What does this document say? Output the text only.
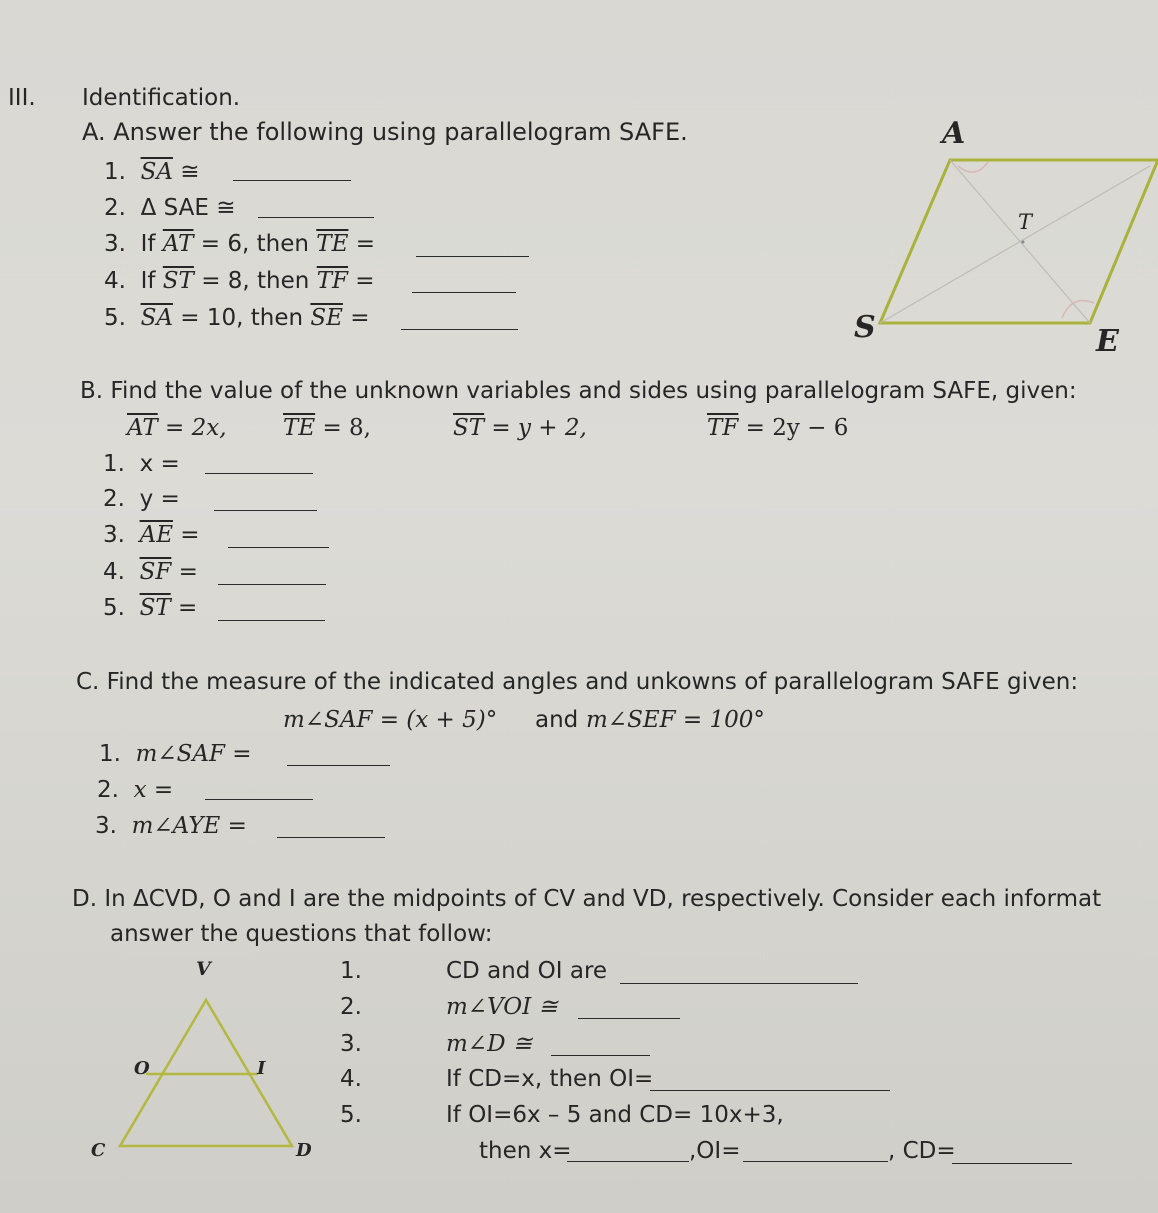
III. Identification.
A. Answer the following using parallelogram SAFE.
1. $\overline{SA}$ ≅
2. Δ SAE ≅
3. If $\overline{AT} = 6$, then $\overline{TE}$ =
4. If $\overline{ST} = 8$, then $\overline{TF}$ =
5. $\overline{SA} = 10$, then $\overline{SE}$ =
A
T
S	E
B. Find the value of the unknown variables and sides using parallelogram SAFE, given:
$\overline{AT} = 2x$, $\overline{TE} = 8$,	$\overline{ST} = y + 2$,	$\overline{TF} = 2y - 6$
1. x =
2. y =
3. $\overline{AE}$ =
4. $\overline{SF}$ =
5. $\overline{ST}$ =
C. Find the measure of the indicated angles and unkowns of parallelogram SAFE given:
m∠SAF = (x + 5)° and m∠SEF = 100°
1. m∠SAF =
2. x =
3. m∠AYE =
D. In ΔCVD, O and I are the midpoints of CV and VD, respectively. Consider each informat
answer the questions that follow:
V
O	I
C	D
1.	CD and OI are
2.	m∠VOI ≅
3.	m∠D ≅
4.	If CD=x, then OI=
5.	If OI=6x – 5 and CD= 10x+3,
then x=	,OI=	, CD=
